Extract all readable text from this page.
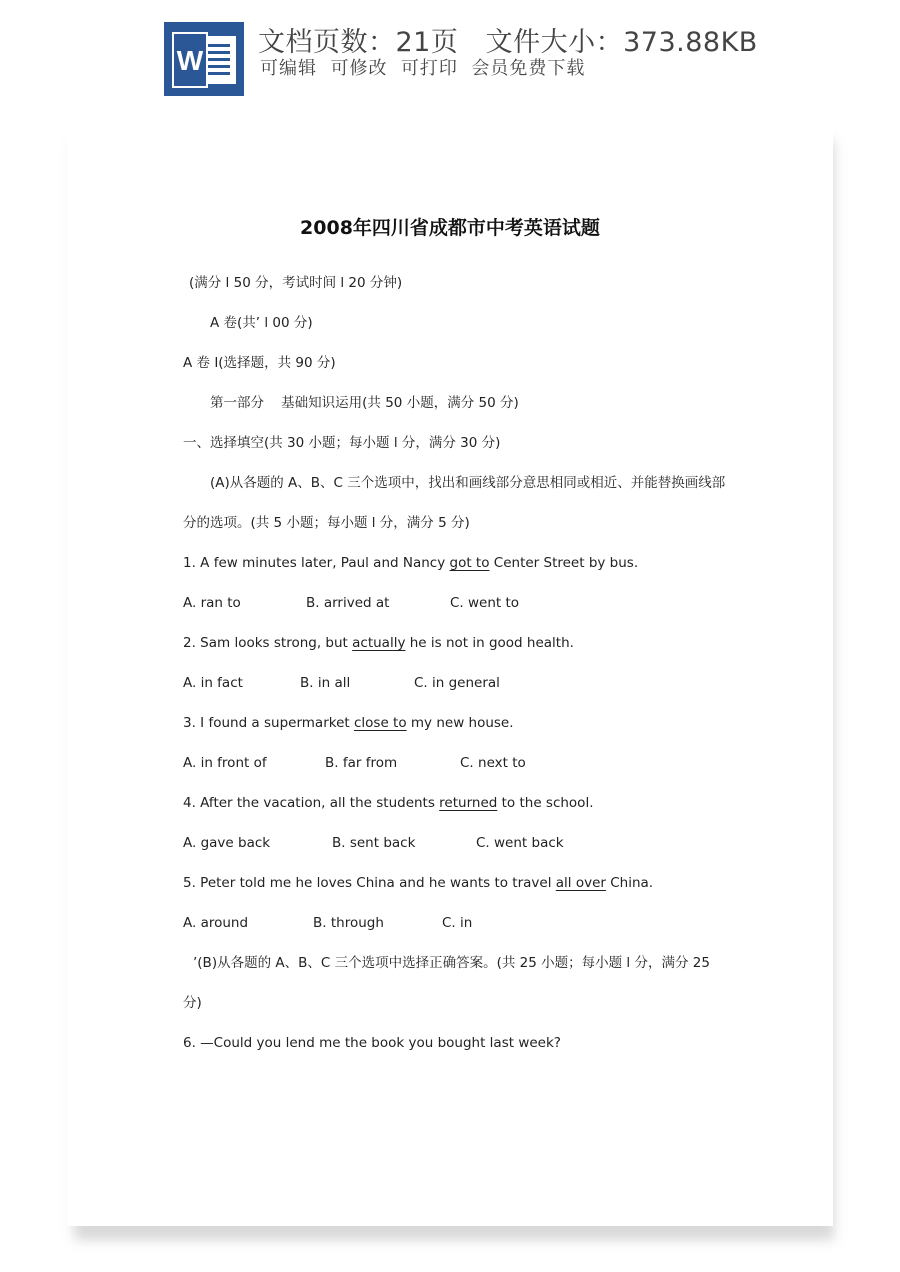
W
文档页数：21页 文件大小：373.88KB
可编辑  可修改  可打印  会员免费下载
2008年四川省成都市中考英语试题
(满分 l 50 分，考试时间 l 20 分钟)
A 卷(共’ l 00 分)
A 卷 I(选择题，共 90 分)
第一部分    基础知识运用(共 50 小题，满分 50 分)
一、选择填空(共 30 小题；每小题 l 分，满分 30 分)
(A)从各题的 A、B、C 三个选项中，找出和画线部分意思相同或相近、并能替换画线部
分的选项。(共 5 小题；每小题 l 分，满分 5 分)
1. A few minutes later, Paul and Nancy got to Center Street by bus.
A. ran to	B. arrived at	C. went to
2. Sam looks strong, but actually he is not in good health.
A. in fact	B. in all	C. in general
3. I found a supermarket close to my new house.
A. in front of	B. far from	C. next to
4. After the vacation, all the students returned to the school.
A. gave back	B. sent back	C. went back
5. Peter told me he loves China and he wants to travel all over China.
A. around	B. through	C. in
’(B)从各题的 A、B、C 三个选项中选择正确答案。(共 25 小题；每小题 l 分，满分 25
分)
6. —Could you lend me the book you bought last week?
